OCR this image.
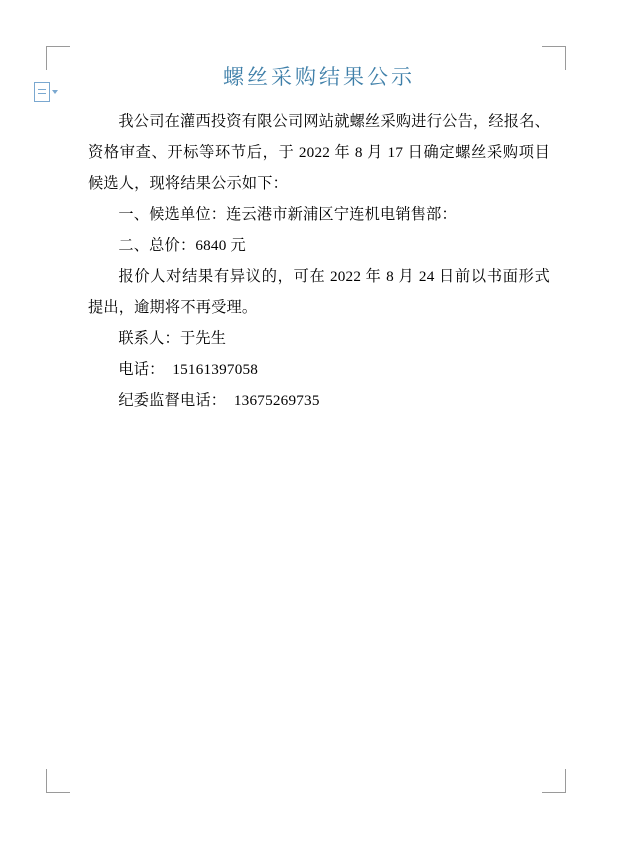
螺丝采购结果公示

我公司在灌西投资有限公司网站就螺丝采购进行公告，经报名、资格审查、开标等环节后，于 2022 年 8 月 17 日确定螺丝采购项目候选人，现将结果公示如下：

一、候选单位：连云港市新浦区宁连机电销售部：

二、总价：6840 元

报价人对结果有异议的，可在 2022 年 8 月 24 日前以书面形式提出，逾期将不再受理。

联系人：于先生

电话：　15161397058

纪委监督电话：　13675269735
